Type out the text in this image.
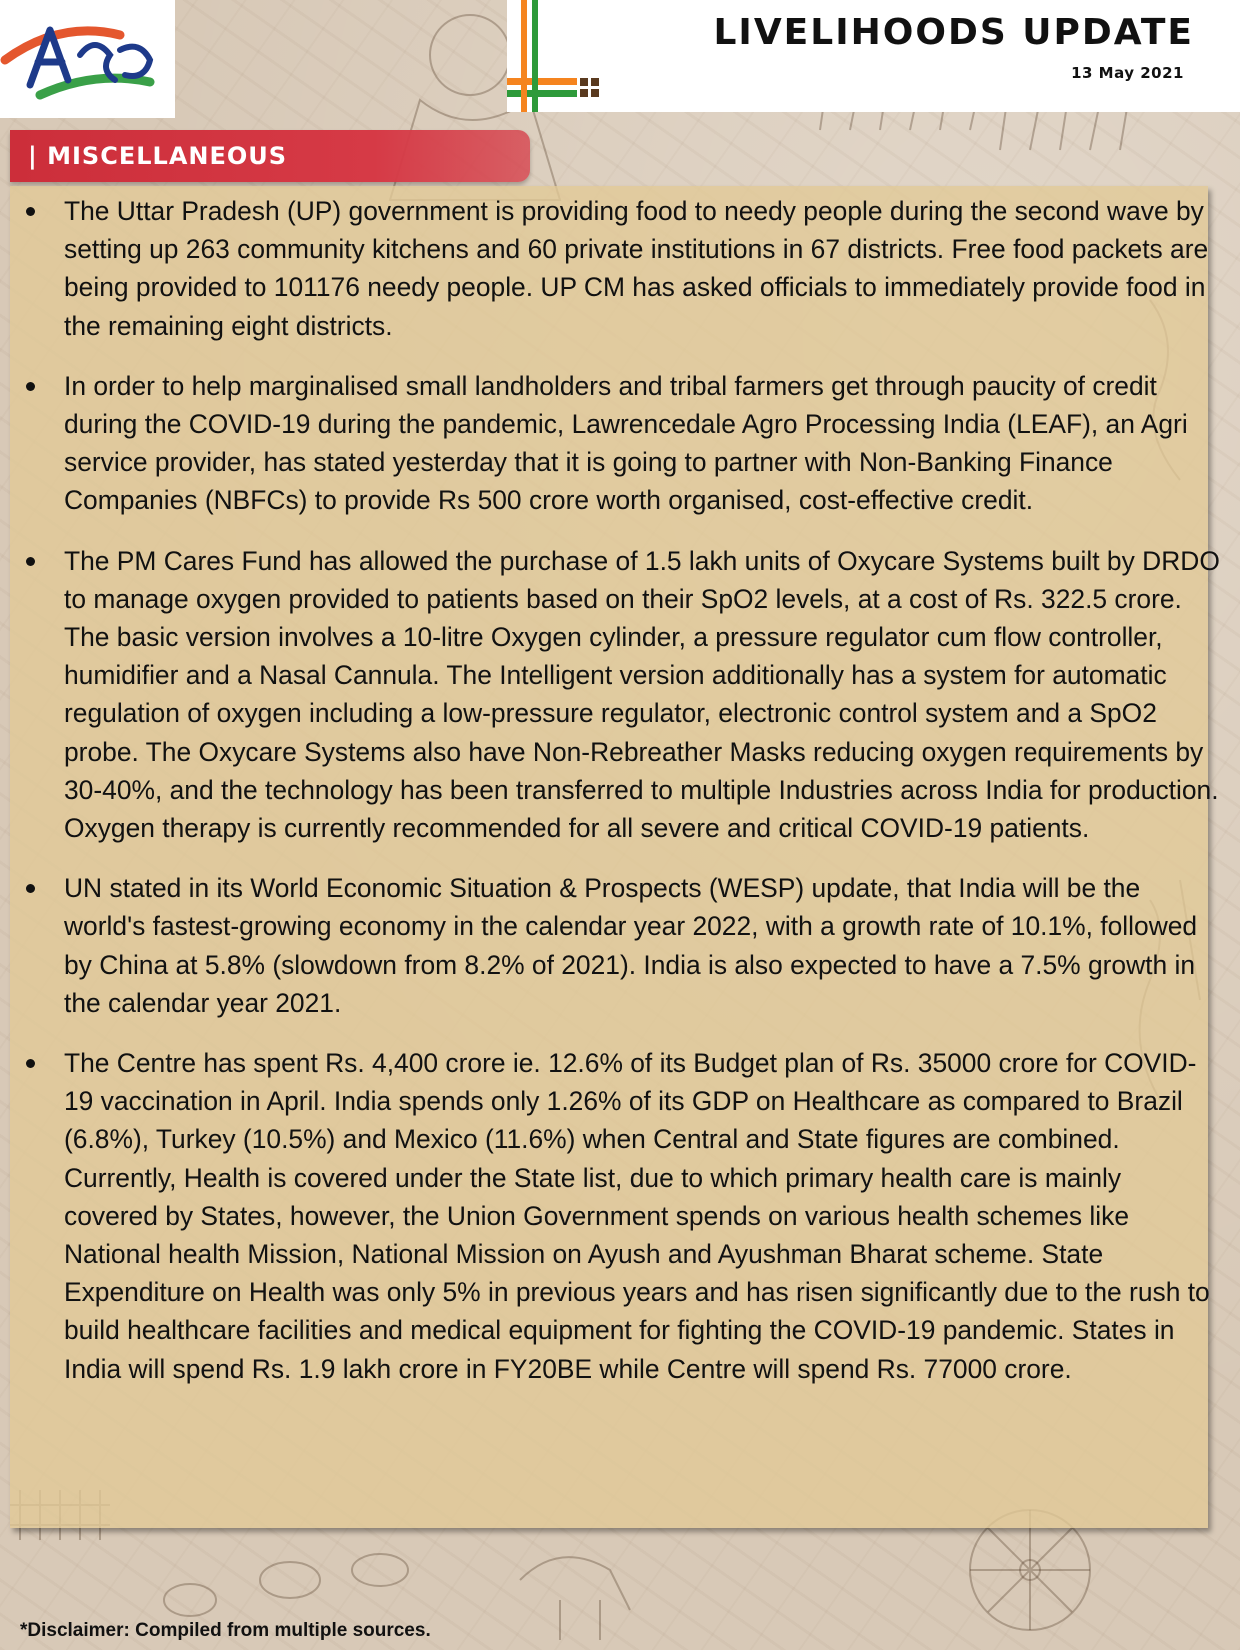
LIVELIHOODS UPDATE
13 May 2021
| MISCELLANEOUS
The Uttar Pradesh (UP) government is providing food to needy people during the second wave by setting up 263 community kitchens and 60 private institutions in 67 districts. Free food packets are being provided to 101176 needy people. UP CM has asked officials to immediately provide food in the remaining eight districts.
In order to help marginalised small landholders and tribal farmers get through paucity of credit during the COVID-19 during the pandemic, Lawrencedale Agro Processing India (LEAF), an Agri service provider, has stated yesterday that it is going to partner with Non-Banking Finance Companies (NBFCs) to provide Rs 500 crore worth organised, cost-effective credit.
The PM Cares Fund has allowed the purchase of 1.5 lakh units of Oxycare Systems built by DRDO to manage oxygen provided to patients based on their SpO2 levels, at a cost of Rs. 322.5 crore. The basic version involves a 10-litre Oxygen cylinder, a pressure regulator cum flow controller, humidifier and a Nasal Cannula. The Intelligent version additionally has a system for automatic regulation of oxygen including a low-pressure regulator, electronic control system and a SpO2 probe. The Oxycare Systems also have Non-Rebreather Masks reducing oxygen requirements by 30-40%, and the technology has been transferred to multiple Industries across India for production. Oxygen therapy is currently recommended for all severe and critical COVID-19 patients.
UN stated in its World Economic Situation & Prospects (WESP) update, that India will be the world's fastest-growing economy in the calendar year 2022, with a growth rate of 10.1%, followed by China at 5.8% (slowdown from 8.2% of 2021). India is also expected to have a 7.5% growth in the calendar year 2021.
The Centre has spent Rs. 4,400 crore ie. 12.6% of its Budget plan of Rs. 35000 crore for COVID-19 vaccination in April. India spends only 1.26% of its GDP on Healthcare as compared to Brazil (6.8%), Turkey (10.5%) and Mexico (11.6%) when Central and State figures are combined. Currently, Health is covered under the State list, due to which primary health care is mainly covered by States, however, the Union Government spends on various health schemes like National health Mission, National Mission on Ayush and Ayushman Bharat scheme. State Expenditure on Health was only 5% in previous years and has risen significantly due to the rush to build healthcare facilities and medical equipment for fighting the COVID-19 pandemic. States in India will spend Rs. 1.9 lakh crore in FY20BE while Centre will spend Rs. 77000 crore.
*Disclaimer: Compiled from multiple sources.
